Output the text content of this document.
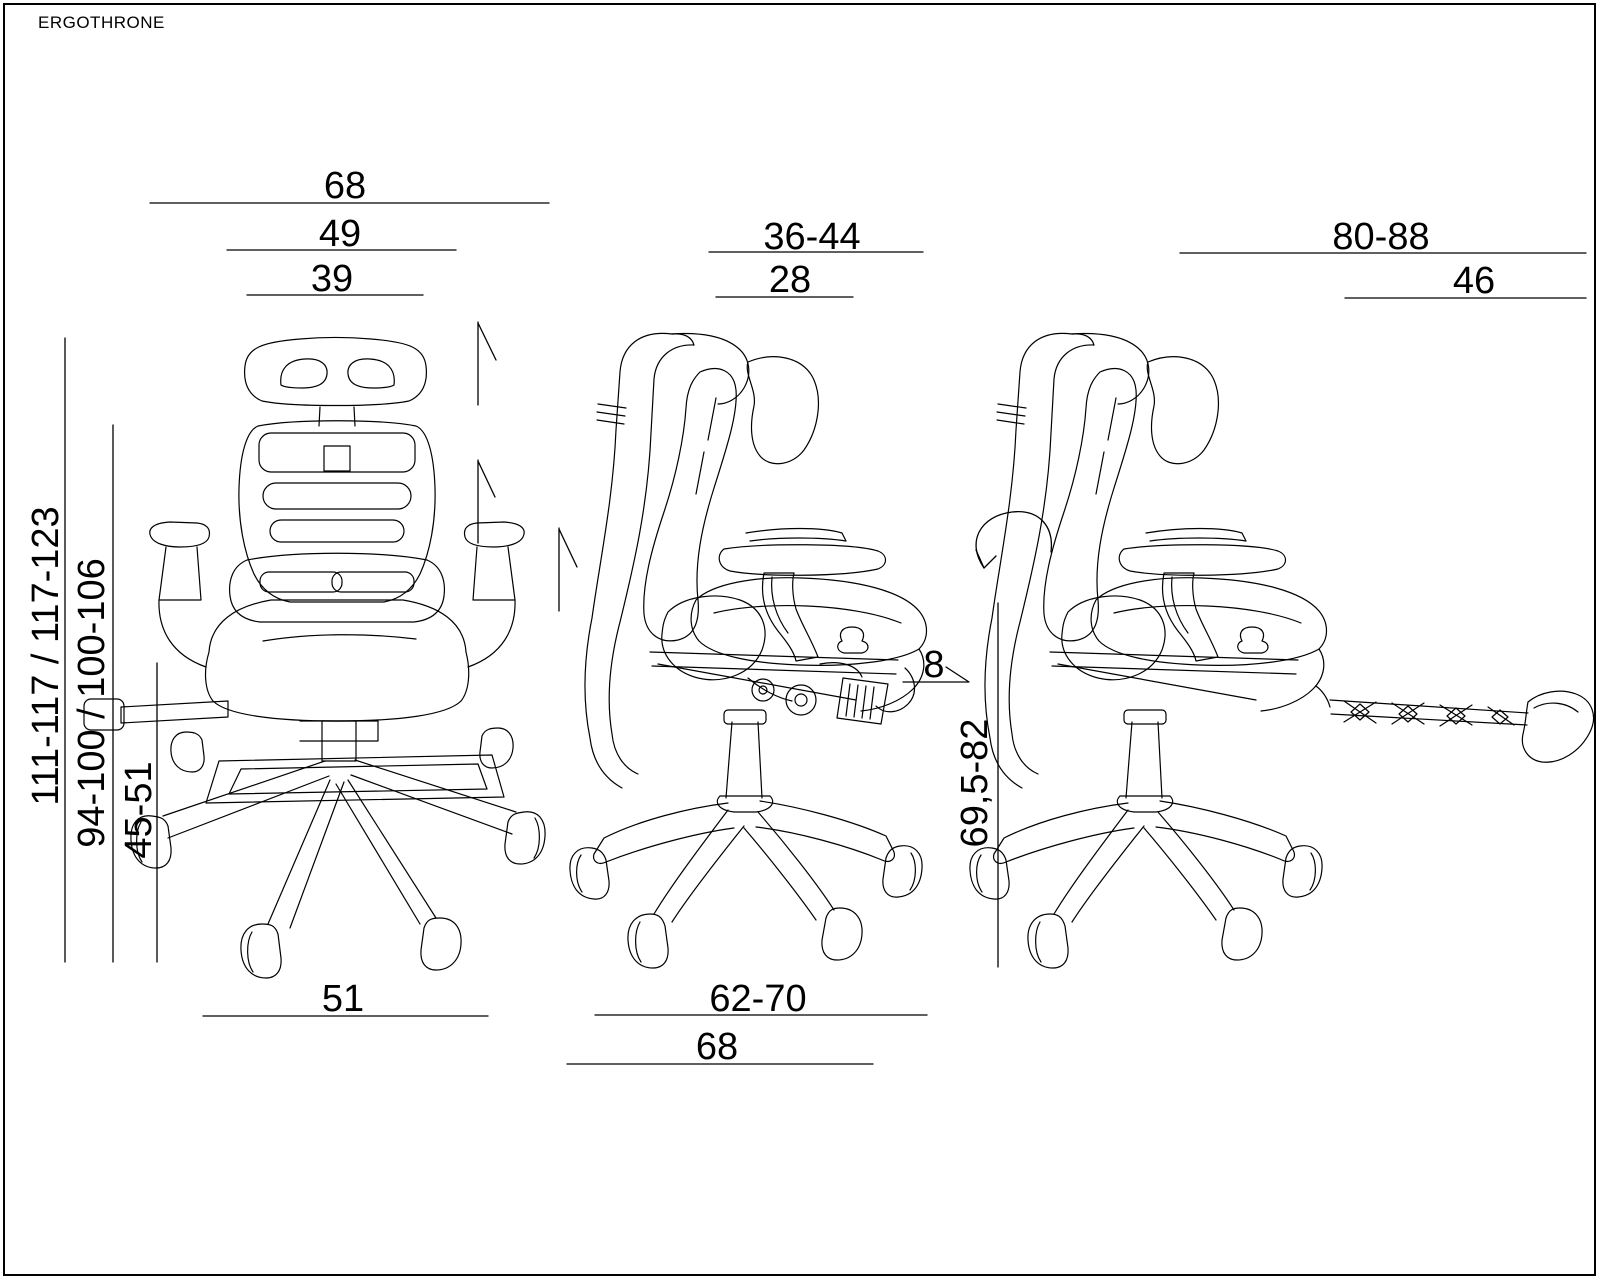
ERGOTHRONE
68
49
39
36-44
28
80-88
46
8
111-117 / 117-123 94-100 / 100-106 45-51	69,5-82
51	62-70
68
